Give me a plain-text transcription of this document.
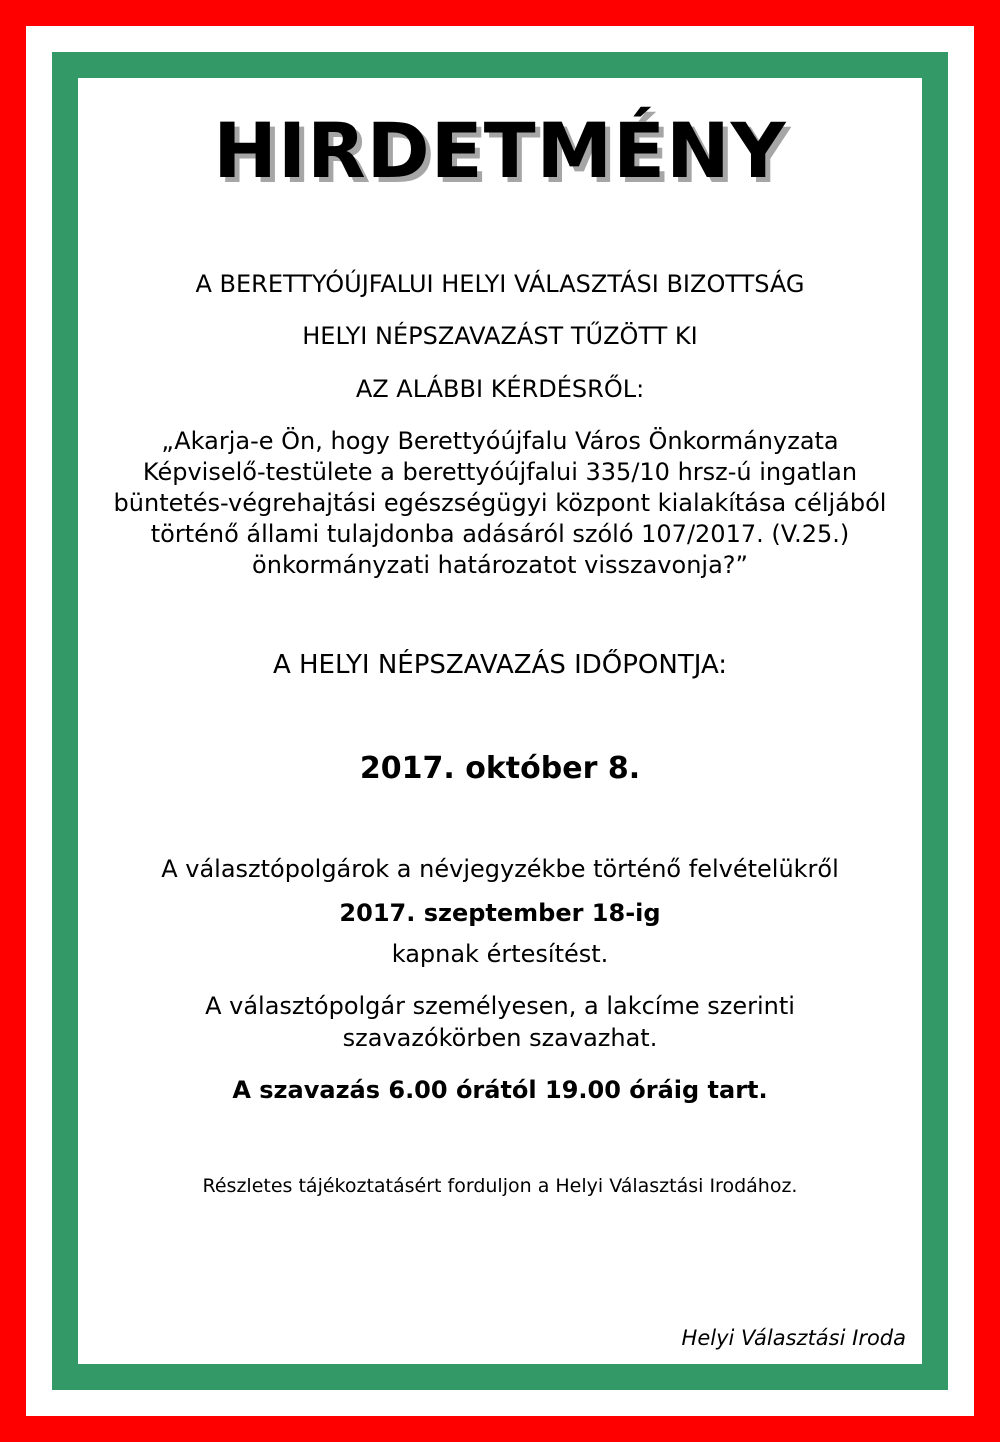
HIRDETMÉNY
A BERETTYÓÚJFALUI HELYI VÁLASZTÁSI BIZOTTSÁG
HELYI NÉPSZAVAZÁST TŰZÖTT KI
AZ ALÁBBI KÉRDÉSRŐL:
„Akarja-e Ön, hogy Berettyóújfalu Város Önkormányzata
Képviselő-testülete a berettyóújfalui 335/10 hrsz-ú ingatlan
büntetés-végrehajtási egészségügyi központ kialakítása céljából
történő állami tulajdonba adásáról szóló 107/2017. (V.25.)
önkormányzati határozatot visszavonja?”
A HELYI NÉPSZAVAZÁS IDŐPONTJA:
2017. október 8.
A választópolgárok a névjegyzékbe történő felvételükről
2017. szeptember 18-ig
kapnak értesítést.
A választópolgár személyesen, a lakcíme szerinti
szavazókörben szavazhat.
A szavazás 6.00 órától 19.00 óráig tart.
Részletes tájékoztatásért forduljon a Helyi Választási Irodához.
Helyi Választási Iroda
